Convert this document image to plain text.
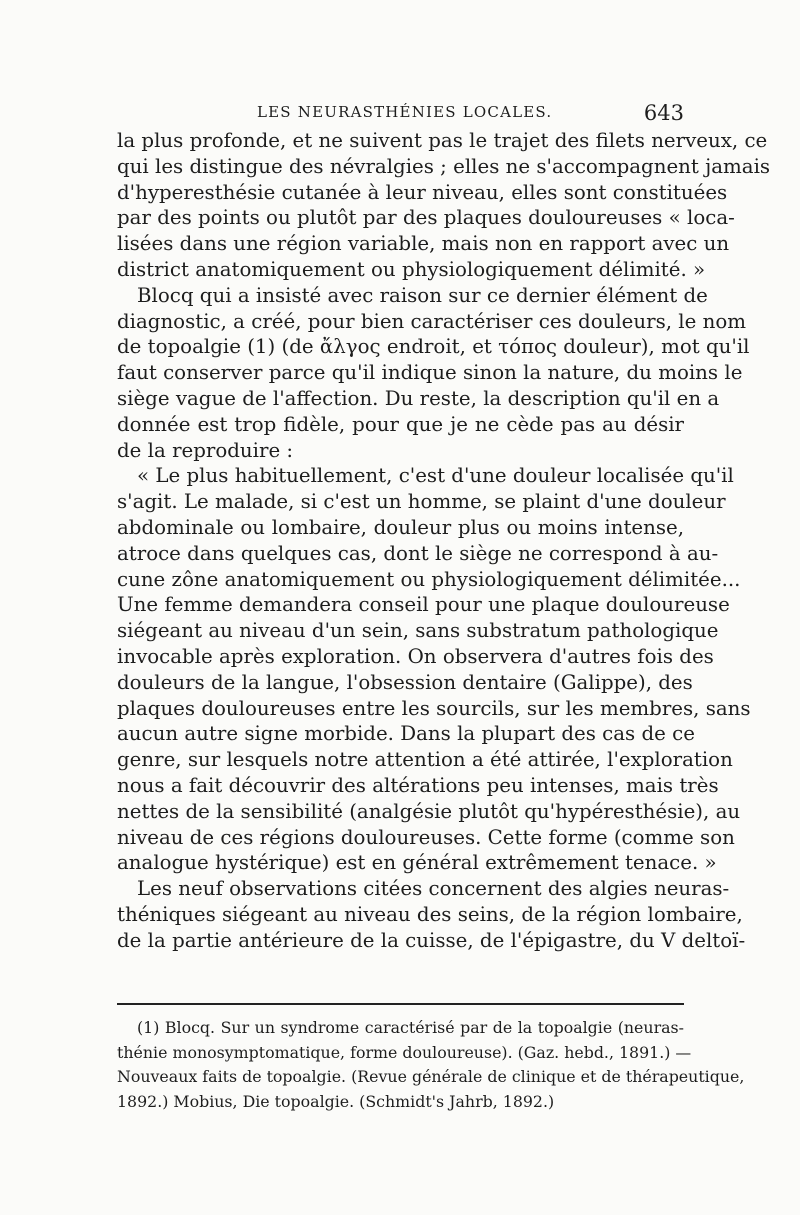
LES NEURASTHÉNIES LOCALES.	643
la plus profonde, et ne suivent pas le trajet des filets nerveux, ce
qui les distingue des névralgies ; elles ne s'accompagnent jamais
d'hyperesthésie cutanée à leur niveau, elles sont constituées
par des points ou plutôt par des plaques douloureuses « loca-
lisées dans une région variable, mais non en rapport avec un
district anatomiquement ou physiologiquement délimité. »
Blocq qui a insisté avec raison sur ce dernier élément de
diagnostic, a créé, pour bien caractériser ces douleurs, le nom
de topoalgie (1) (de ἄλγος endroit, et τόπος douleur), mot qu'il
faut conserver parce qu'il indique sinon la nature, du moins le
siège vague de l'affection. Du reste, la description qu'il en a
donnée est trop fidèle, pour que je ne cède pas au désir
de la reproduire :
« Le plus habituellement, c'est d'une douleur localisée qu'il
s'agit. Le malade, si c'est un homme, se plaint d'une douleur
abdominale ou lombaire, douleur plus ou moins intense,
atroce dans quelques cas, dont le siège ne correspond à au-
cune zône anatomiquement ou physiologiquement délimitée...
Une femme demandera conseil pour une plaque douloureuse
siégeant au niveau d'un sein, sans substratum pathologique
invocable après exploration. On observera d'autres fois des
douleurs de la langue, l'obsession dentaire (Galippe), des
plaques douloureuses entre les sourcils, sur les membres, sans
aucun autre signe morbide. Dans la plupart des cas de ce
genre, sur lesquels notre attention a été attirée, l'exploration
nous a fait découvrir des altérations peu intenses, mais très
nettes de la sensibilité (analgésie plutôt qu'hypéresthésie), au
niveau de ces régions douloureuses. Cette forme (comme son
analogue hystérique) est en général extrêmement tenace. »
Les neuf observations citées concernent des algies neuras-
théniques siégeant au niveau des seins, de la région lombaire,
de la partie antérieure de la cuisse, de l'épigastre, du V deltoï-
(1) Blocq. Sur un syndrome caractérisé par de la topoalgie (neuras-
thénie monosymptomatique, forme douloureuse). (Gaz. hebd., 1891.) —
Nouveaux faits de topoalgie. (Revue générale de clinique et de thérapeutique,
1892.) Mobius, Die topoalgie. (Schmidt's Jahrb, 1892.)
